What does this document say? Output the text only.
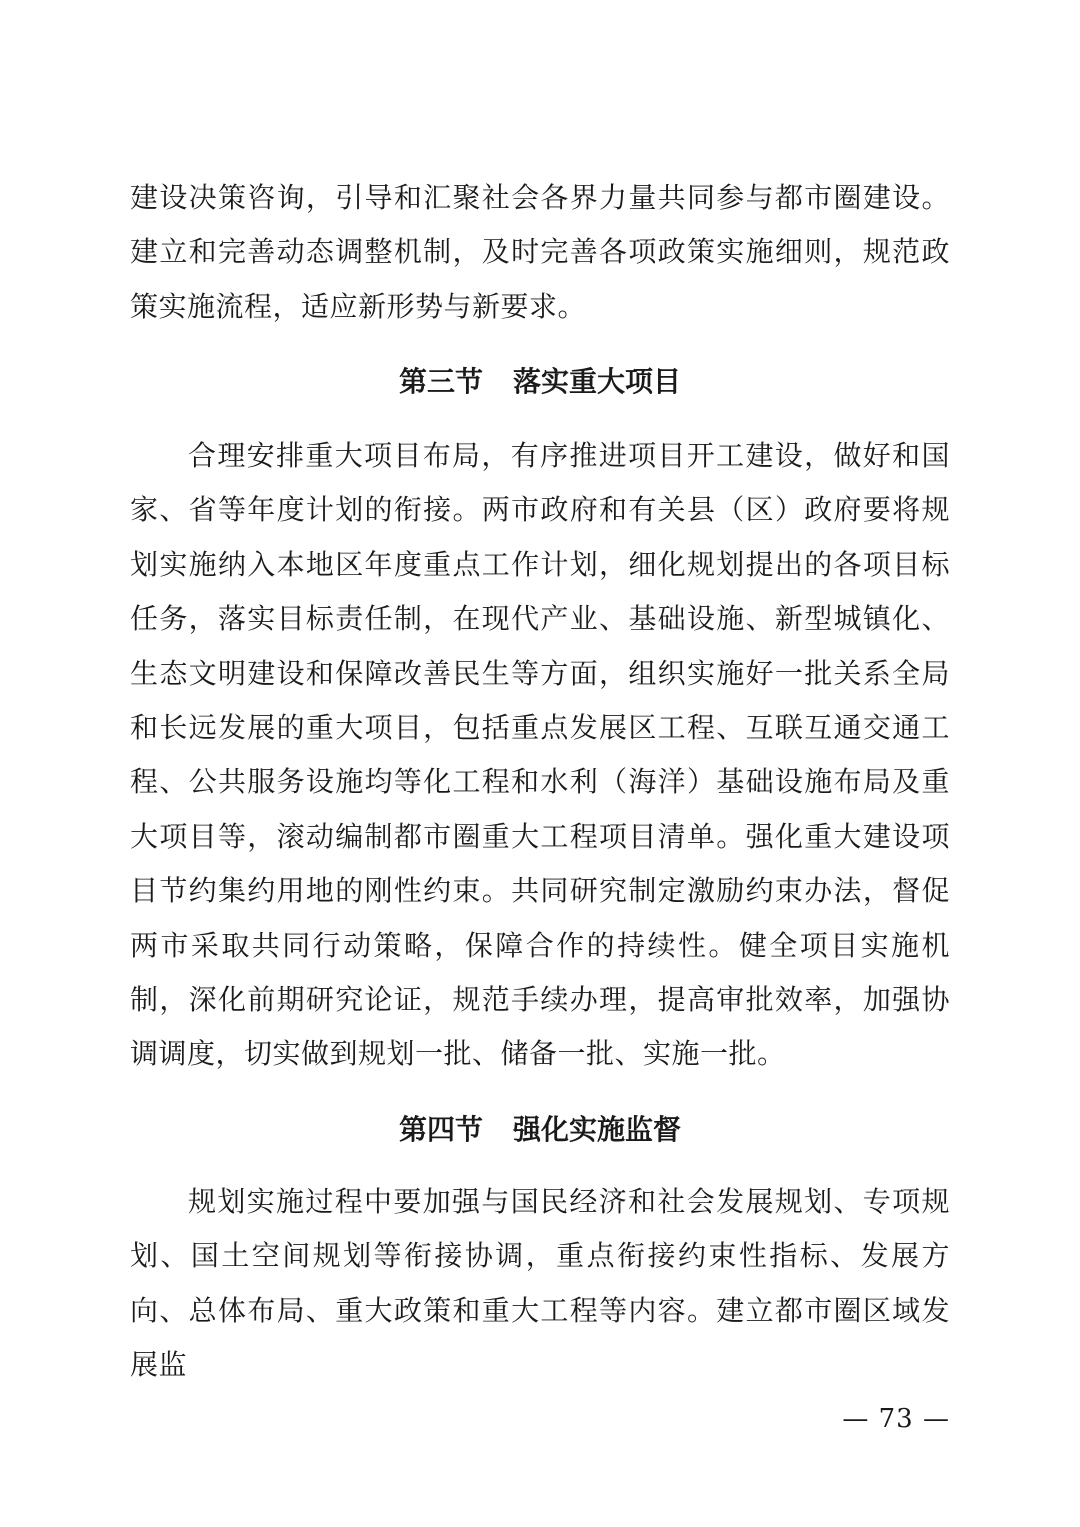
建设决策咨询，引导和汇聚社会各界力量共同参与都市圈建设。建立和完善动态调整机制，及时完善各项政策实施细则，规范政策实施流程，适应新形势与新要求。

第三节 落实重大项目

合理安排重大项目布局，有序推进项目开工建设，做好和国家、省等年度计划的衔接。两市政府和有关县（区）政府要将规划实施纳入本地区年度重点工作计划，细化规划提出的各项目标任务，落实目标责任制，在现代产业、基础设施、新型城镇化、生态文明建设和保障改善民生等方面，组织实施好一批关系全局和长远发展的重大项目，包括重点发展区工程、互联互通交通工程、公共服务设施均等化工程和水利（海洋）基础设施布局及重大项目等，滚动编制都市圈重大工程项目清单。强化重大建设项目节约集约用地的刚性约束。共同研究制定激励约束办法，督促两市采取共同行动策略，保障合作的持续性。健全项目实施机制，深化前期研究论证，规范手续办理，提高审批效率，加强协调调度，切实做到规划一批、储备一批、实施一批。

第四节 强化实施监督

规划实施过程中要加强与国民经济和社会发展规划、专项规划、国土空间规划等衔接协调，重点衔接约束性指标、发展方向、总体布局、重大政策和重大工程等内容。建立都市圈区域发展监

— 73 —
